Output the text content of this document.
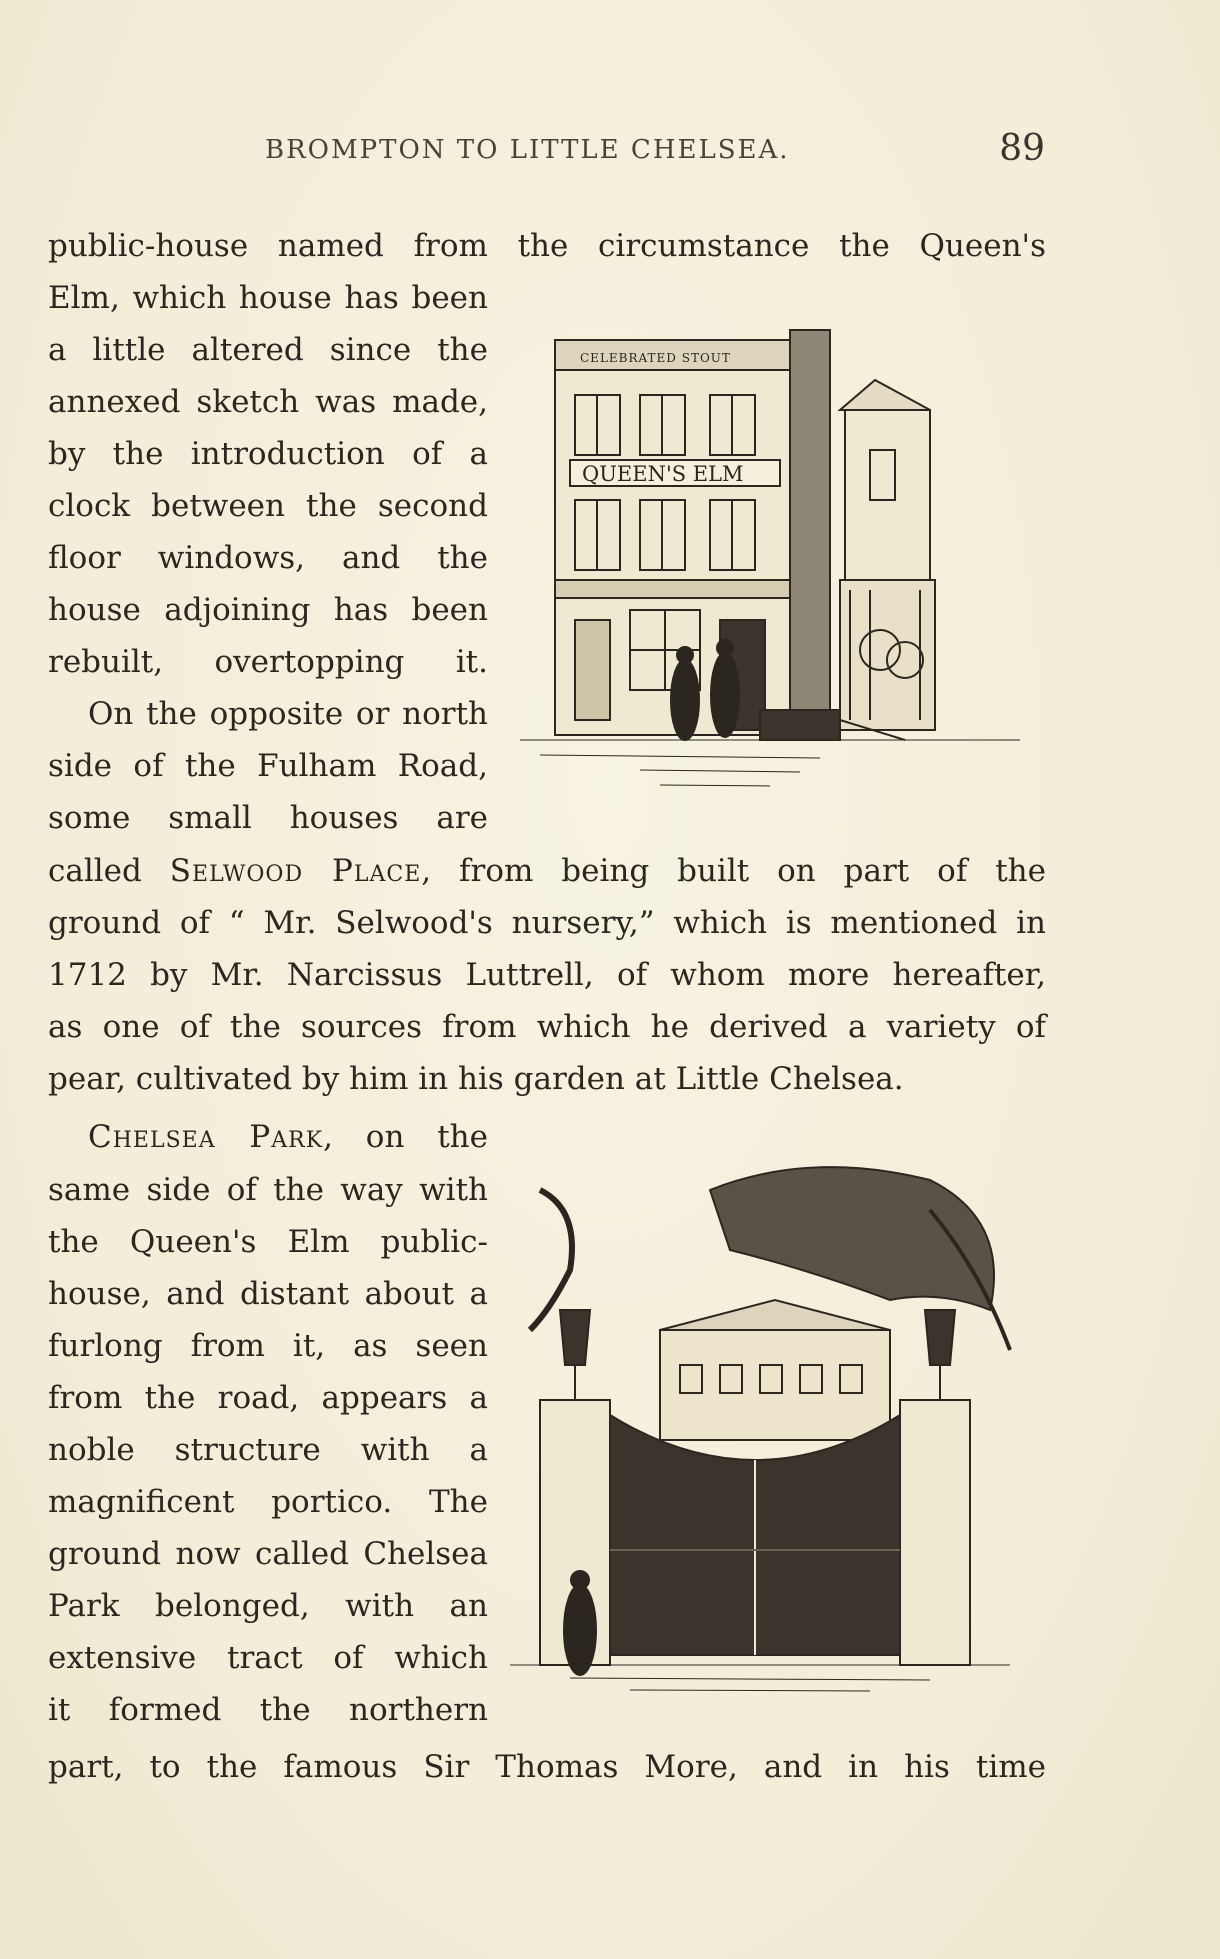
BROMPTON TO LITTLE CHELSEA.	89
public-house named from the circumstance the Queen's
Elm, which house has been
a little altered since the
annexed sketch was made,
by the introduction of a
clock between the second
floor windows, and the
house adjoining has been
rebuilt, overtopping it.
On the opposite or north
side of the Fulham Road,
some small houses are
called Selwood Place, from being built on part of the
ground of “ Mr. Selwood's nursery,” which is mentioned in
1712 by Mr. Narcissus Luttrell, of whom more hereafter,
as one of the sources from which he derived a variety of
pear, cultivated by him in his garden at Little Chelsea.
Chelsea Park, on the
same side of the way with
the Queen's Elm public-
house, and distant about a
furlong from it, as seen
from the road, appears a
noble structure with a
magnificent portico. The
ground now called Chelsea
Park belonged, with an
extensive tract of which
it formed the northern
part, to the famous Sir Thomas More, and in his time
CELEBRATED STOUT
QUEEN'S ELM
